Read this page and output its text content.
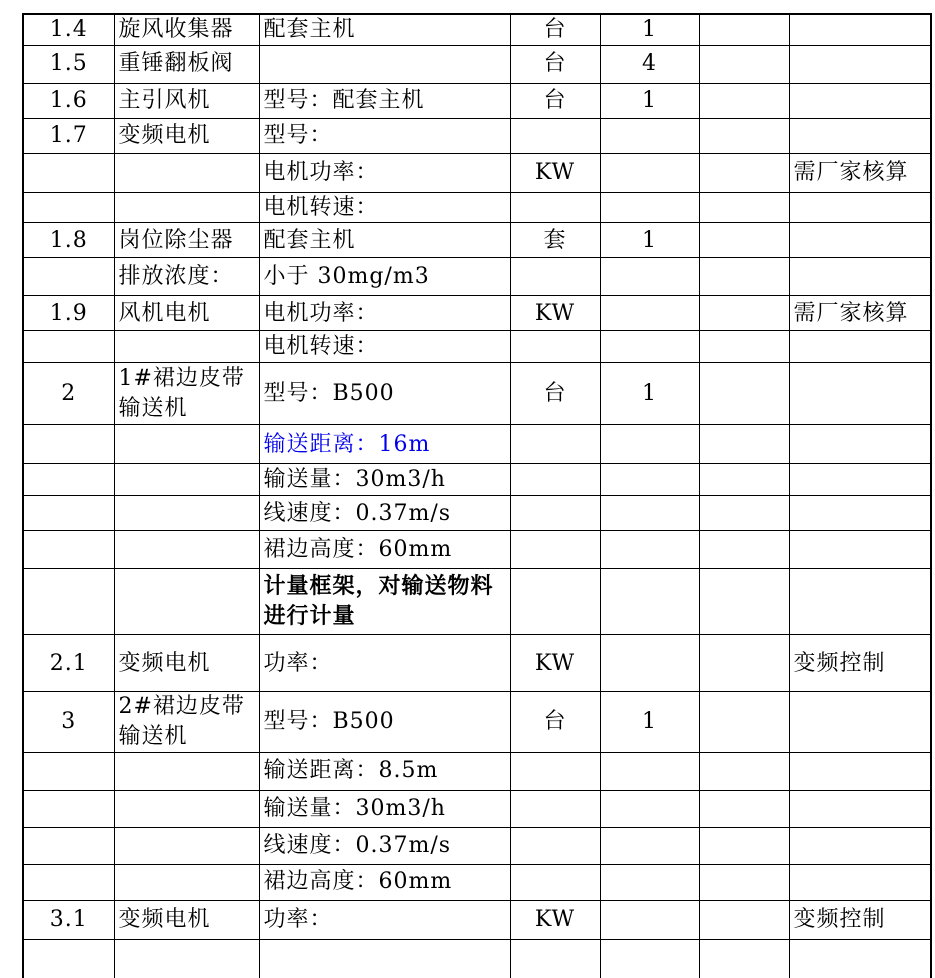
1.4	旋风收集器	配套主机	台	1		
1.5	重锤翻板阀		台	4		
1.6	主引风机	型号：配套主机	台	1		
1.7	变频电机	型号：				
		电机功率：	KW			需厂家核算
		电机转速：				
1.8	岗位除尘器	配套主机	套	1		
	排放浓度：	小于 30mg/m3				
1.9	风机电机	电机功率：	KW			需厂家核算
		电机转速：				
2	1#裙边皮带输送机	型号：B500	台	1		
		输送距离：16m				
		输送量：30m3/h				
		线速度：0.37m/s				
		裙边高度：60mm				
		计量框架，对输送物料进行计量				
2.1	变频电机	功率：	KW			变频控制
3	2#裙边皮带输送机	型号：B500	台	1		
		输送距离：8.5m				
		输送量：30m3/h				
		线速度：0.37m/s				
		裙边高度：60mm				
3.1	变频电机	功率：	KW			变频控制
